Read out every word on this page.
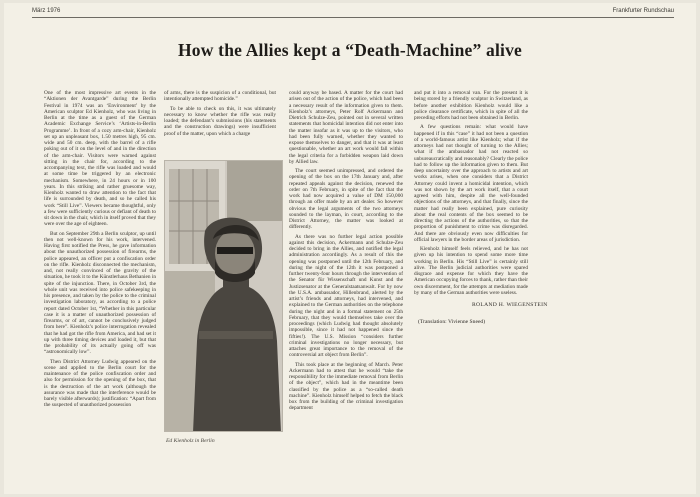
März 1976	Frankfurter Rundschau
How the Allies kept a “Death-Machine” alive

One of the most impressive art events in the “Aktionen der Avantgarde” during the Berlin Festival in 1974 was an ‘Environment’ by the American sculptor Ed Kienholz, who was living in Berlin at the time as a guest of the German Academic Exchange Service’s ‘Artists-in-Berlin Programme’. In front of a cozy arm-chair, Kienholz set up an unpleasant box, 1.50 metres high, 95 cm. wide and 50 cm. deep, with the barrel of a rifle poking out of it on the level of and in the direction of the arm-chair. Visitors were warned against sitting in the chair for, according to the accompanying text, the rifle was loaded and would at some time be triggered by an electronic mechanism. Somewhere, in 24 hours or in 100 years. In this striking and rather gruesome way, Kienholz wanted to draw attention to the fact that life is surrounded by death, and so he called his work “Still Live”. Viewers became thoughtful, only a few were sufficiently curious or defiant of death to sit down in the chair, which in itself proved that they were over the age of eighteen.

But on September 29th a Berlin sculptor, up until then not well-known for his work, intervened. Having first notified the Press, he gave information about the unauthorized possession of firearms, the police appeared, an officer put a confiscation order on the rifle. Kienholz disconnected the mechanism, and, not really convinced of the gravity of the situation, he took it to the Künstlerhaus Bethanien in spite of the injunction. There, in October 3rd, the whole unit was received into police safekeeping in his presence, and taken by the police to the criminal investigation laboratory, as according to a police report dated October 1st, “Whether in this particular case it is a matter of unauthorized possession of firearms, or of art, cannot be conclusively judged from here”. Kienholz’s police interrogation revealed that he had got the rifle from America, and had set it up with three timing devices and loaded it, but that the probability of its actually going off was “astronomically low”.

Then District Attorney Ludwig appeared on the scene and applied to the Berlin court for the maintenance of the police confiscation order and also for permission for the opening of the box, that is the destruction of the art work (although the assurance was made that the interference would be barely visible afterwards); justification: “Apart from the suspected of unauthorized possession

of arms, there is the suspicion of a conditional, but intentionally attempted homicide.”

To be able to check on this, it was ultimately necessary to know whether the rifle was really loaded; the defendant’s submissions (his statements and the construction drawings) were insufficient proof of the matter, upon which a charge

Ed Kienholz in Berlin

could anyway be based. A matter for the court had arisen out of the action of the police, which had been a necessary result of the information given to them. Kienholz’s attorneys, Peter Rolf Ackermann and Dietrich Schulze-Zeu, pointed out in several written statements that homicidal intention did not enter into the matter insofar as it was up to the visitors, who had been fully warned, whether they wanted to expose themselves to danger, and that it was at least questionable, whether an art work would fall within the legal criteria for a forbidden weapon laid down by Allied law.

The court seemed unimpressed, and ordered the opening of the box on the 17th January and, after repeated appeals against the decision, renewed the order on 7th February, in spite of the fact that the work had now acquired a value of DM 150,000 through an offer made by an art dealer. So however obvious the legal arguments of the two attorneys sounded to the layman, in court, according to the District Attorney, the matter was looked at differently.

As there was no further legal action possible against this decision, Ackermann and Schulze-Zeu decided to bring in the Allies, and notified the legal administration accordingly. As a result of this the opening was postponed until the 12th February, and during the night of the 12th it was postponed a further twenty-four hours through the intervention of the Senator für Wissenschaft und Kunst and the Justizsenator at the Generalstaatsanwalt. For by now the U.S.A. ambassador, Hillenbrand, alerted by the artist’s friends and attorneys, had intervened, and explained to the German authorities on the telephone during the night and in a formal statement on 25th February, that they would themselves take over the proceedings (which Ludwig had thought absolutely impossible, since it had not happened since the fifties!). The U.S. Mission “considers further criminal investigations no longer necessary, but attaches great importance to the removal of the controversial art object from Berlin”.

This took place at the beginning of March. Peter Ackermann had to attest that he would “take the responsibility for the immediate removal from Berlin of the object”, which had in the meantime been classified by the police as a “so-called death machine”. Kienholz himself helped to fetch the black box from the building of the criminal investigation department

and put it into a removal van. For the present it is being stored by a friendly sculptor in Switzerland, as before another exhibition Kienholz would like a police clearance certificate, which in spite of all the preceding efforts had not been obtained in Berlin.

A few questions remain: what would have happened if in this “case” it had not been a question of a world-famous artist like Kienholz; what if the attorneys had not thought of turning to the Allies; what if the ambassador had not reacted so unbureaucratically and reasonably? Clearly the police had to follow up the information given to them. But deep uncertainty over the approach to artists and art works arises, when one considers that a District Attorney could invent a homicidal intention, which was not shown by the art work itself, that a court agreed with him, despite all the well-founded objections of the attorneys, and that finally, since the matter had really been explained, pure curiosity about the real contents of the box seemed to be directing the actions of the authorities, so that the proportion of punishment to crime was disregarded. And there are obviously even now difficulties for official lawyers in the border areas of jurisdiction.

Kienholz himself feels relieved, and he has not given up his intention to spend some more time working in Berlin. His “Still Live” is certainly still alive. The Berlin judicial authorities were spared disgrace and expense for which they have the American occupying forces to thank, rather than their own discernment, for the attempts at mediation made by many of the German authorities were useless.

ROLAND H. WIEGENSTEIN
(Translation: Vivienne Sneed)
